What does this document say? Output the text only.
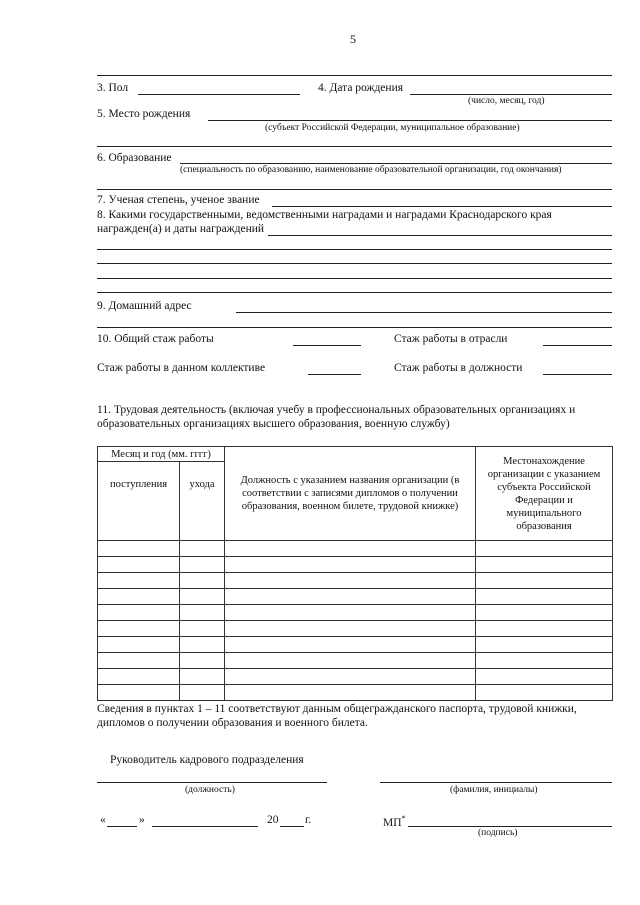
5
3. Пол	4. Дата рождения
(число, месяц, год)
5. Место рождения
(субъект Российской Федерации, муниципальное образование)
6. Образование
(специальность по образованию, наименование образовательной организации, год окончания)
7. Ученая степень, ученое звание
8. Какими государственными, ведомственными наградами и наградами Краснодарского края
награжден(а) и даты награждений
9. Домашний адрес
10. Общий стаж работы	Стаж работы в отрасли
Стаж работы в данном коллективе	Стаж работы в должности
11. Трудовая деятельность (включая учебу в профессиональных образовательных организациях и
образовательных организациях высшего образования, военную службу)
Месяц и год (мм. гггг)		Должность с указанием названия организации (в соответствии с записями дипломов о получении образования, военном билете, трудовой книжке)	Местонахождение организации с указанием субъекта Российской Федерации и муниципального образования
поступления	ухода		

Сведения в пунктах 1 – 11 соответствуют данным общегражданского паспорта, трудовой книжки,
дипломов о получении образования и военного билета.
Руководитель кадрового подразделения
(должность)	(фамилия, инициалы)
«	»	20 г.	МП*
(подпись)
